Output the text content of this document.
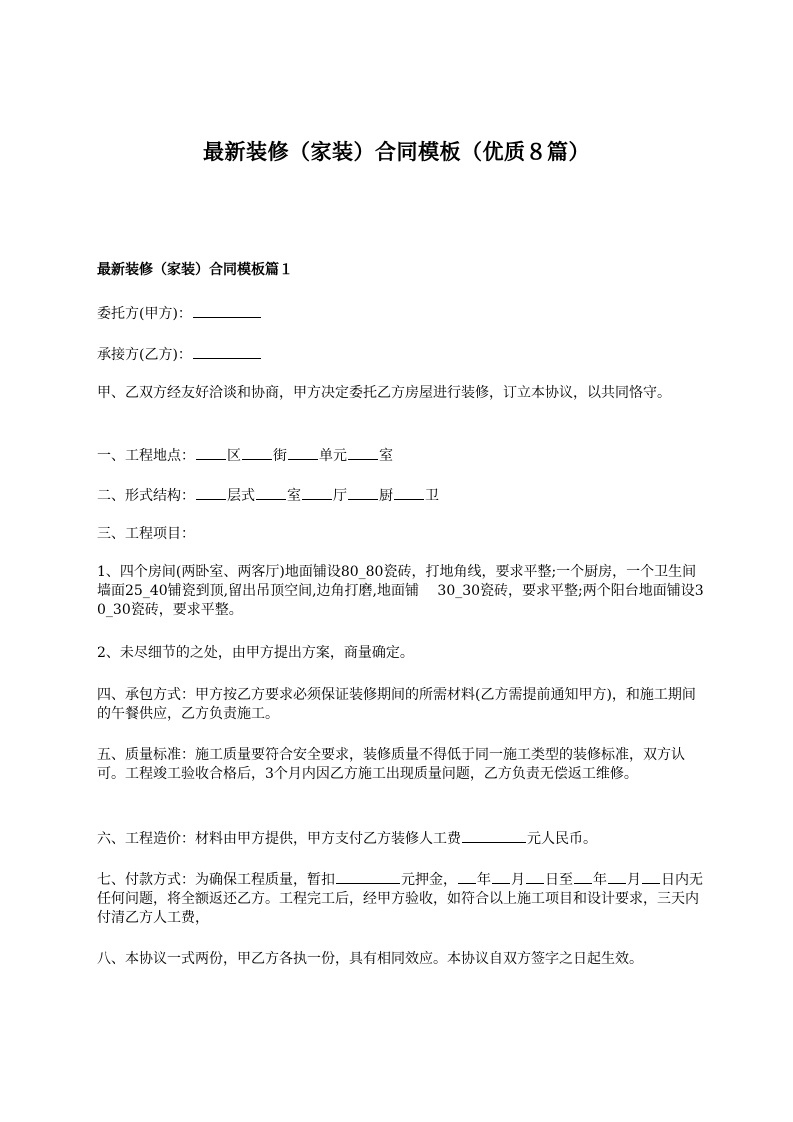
最新装修（家装）合同模板（优质８篇）
最新装修（家装）合同模板篇１

委托方(甲方)：

承接方(乙方)：

甲、乙双方经友好洽谈和协商，甲方决定委托乙方房屋进行装修，订立本协议，以共同恪守。

一、工程地点： 区 街 单元 室

二、形式结构： 层式 室 厅 厨 卫

三、工程项目：

1、四个房间(两卧室、两客厅)地面铺设80_80瓷砖，打地角线，要求平整;一个厨房，一个卫生间墙面25_40铺瓷到顶,留出吊顶空间,边角打磨,地面铺　 30_30瓷砖，要求平整;两个阳台地面铺设30_30瓷砖，要求平整。

2、未尽细节的之处，由甲方提出方案，商量确定。

四、承包方式：甲方按乙方要求必须保证装修期间的所需材料(乙方需提前通知甲方)，和施工期间的午餐供应，乙方负责施工。

五、质量标准：施工质量要符合安全要求，装修质量不得低于同一施工类型的装修标准，双方认可。工程竣工验收合格后，3个月内因乙方施工出现质量问题，乙方负责无偿返工维修。

六、工程造价：材料由甲方提供，甲方支付乙方装修人工费	元人民币。

七、付款方式：为确保工程质量，暂扣	元押金， 年 月 日至 年 月 日内无任何问题，将全额返还乙方。工程完工后，经甲方验收，如符合以上施工项目和设计要求，三天内付清乙方人工费，

八、本协议一式两份，甲乙方各执一份，具有相同效应。本协议自双方签字之日起生效。
